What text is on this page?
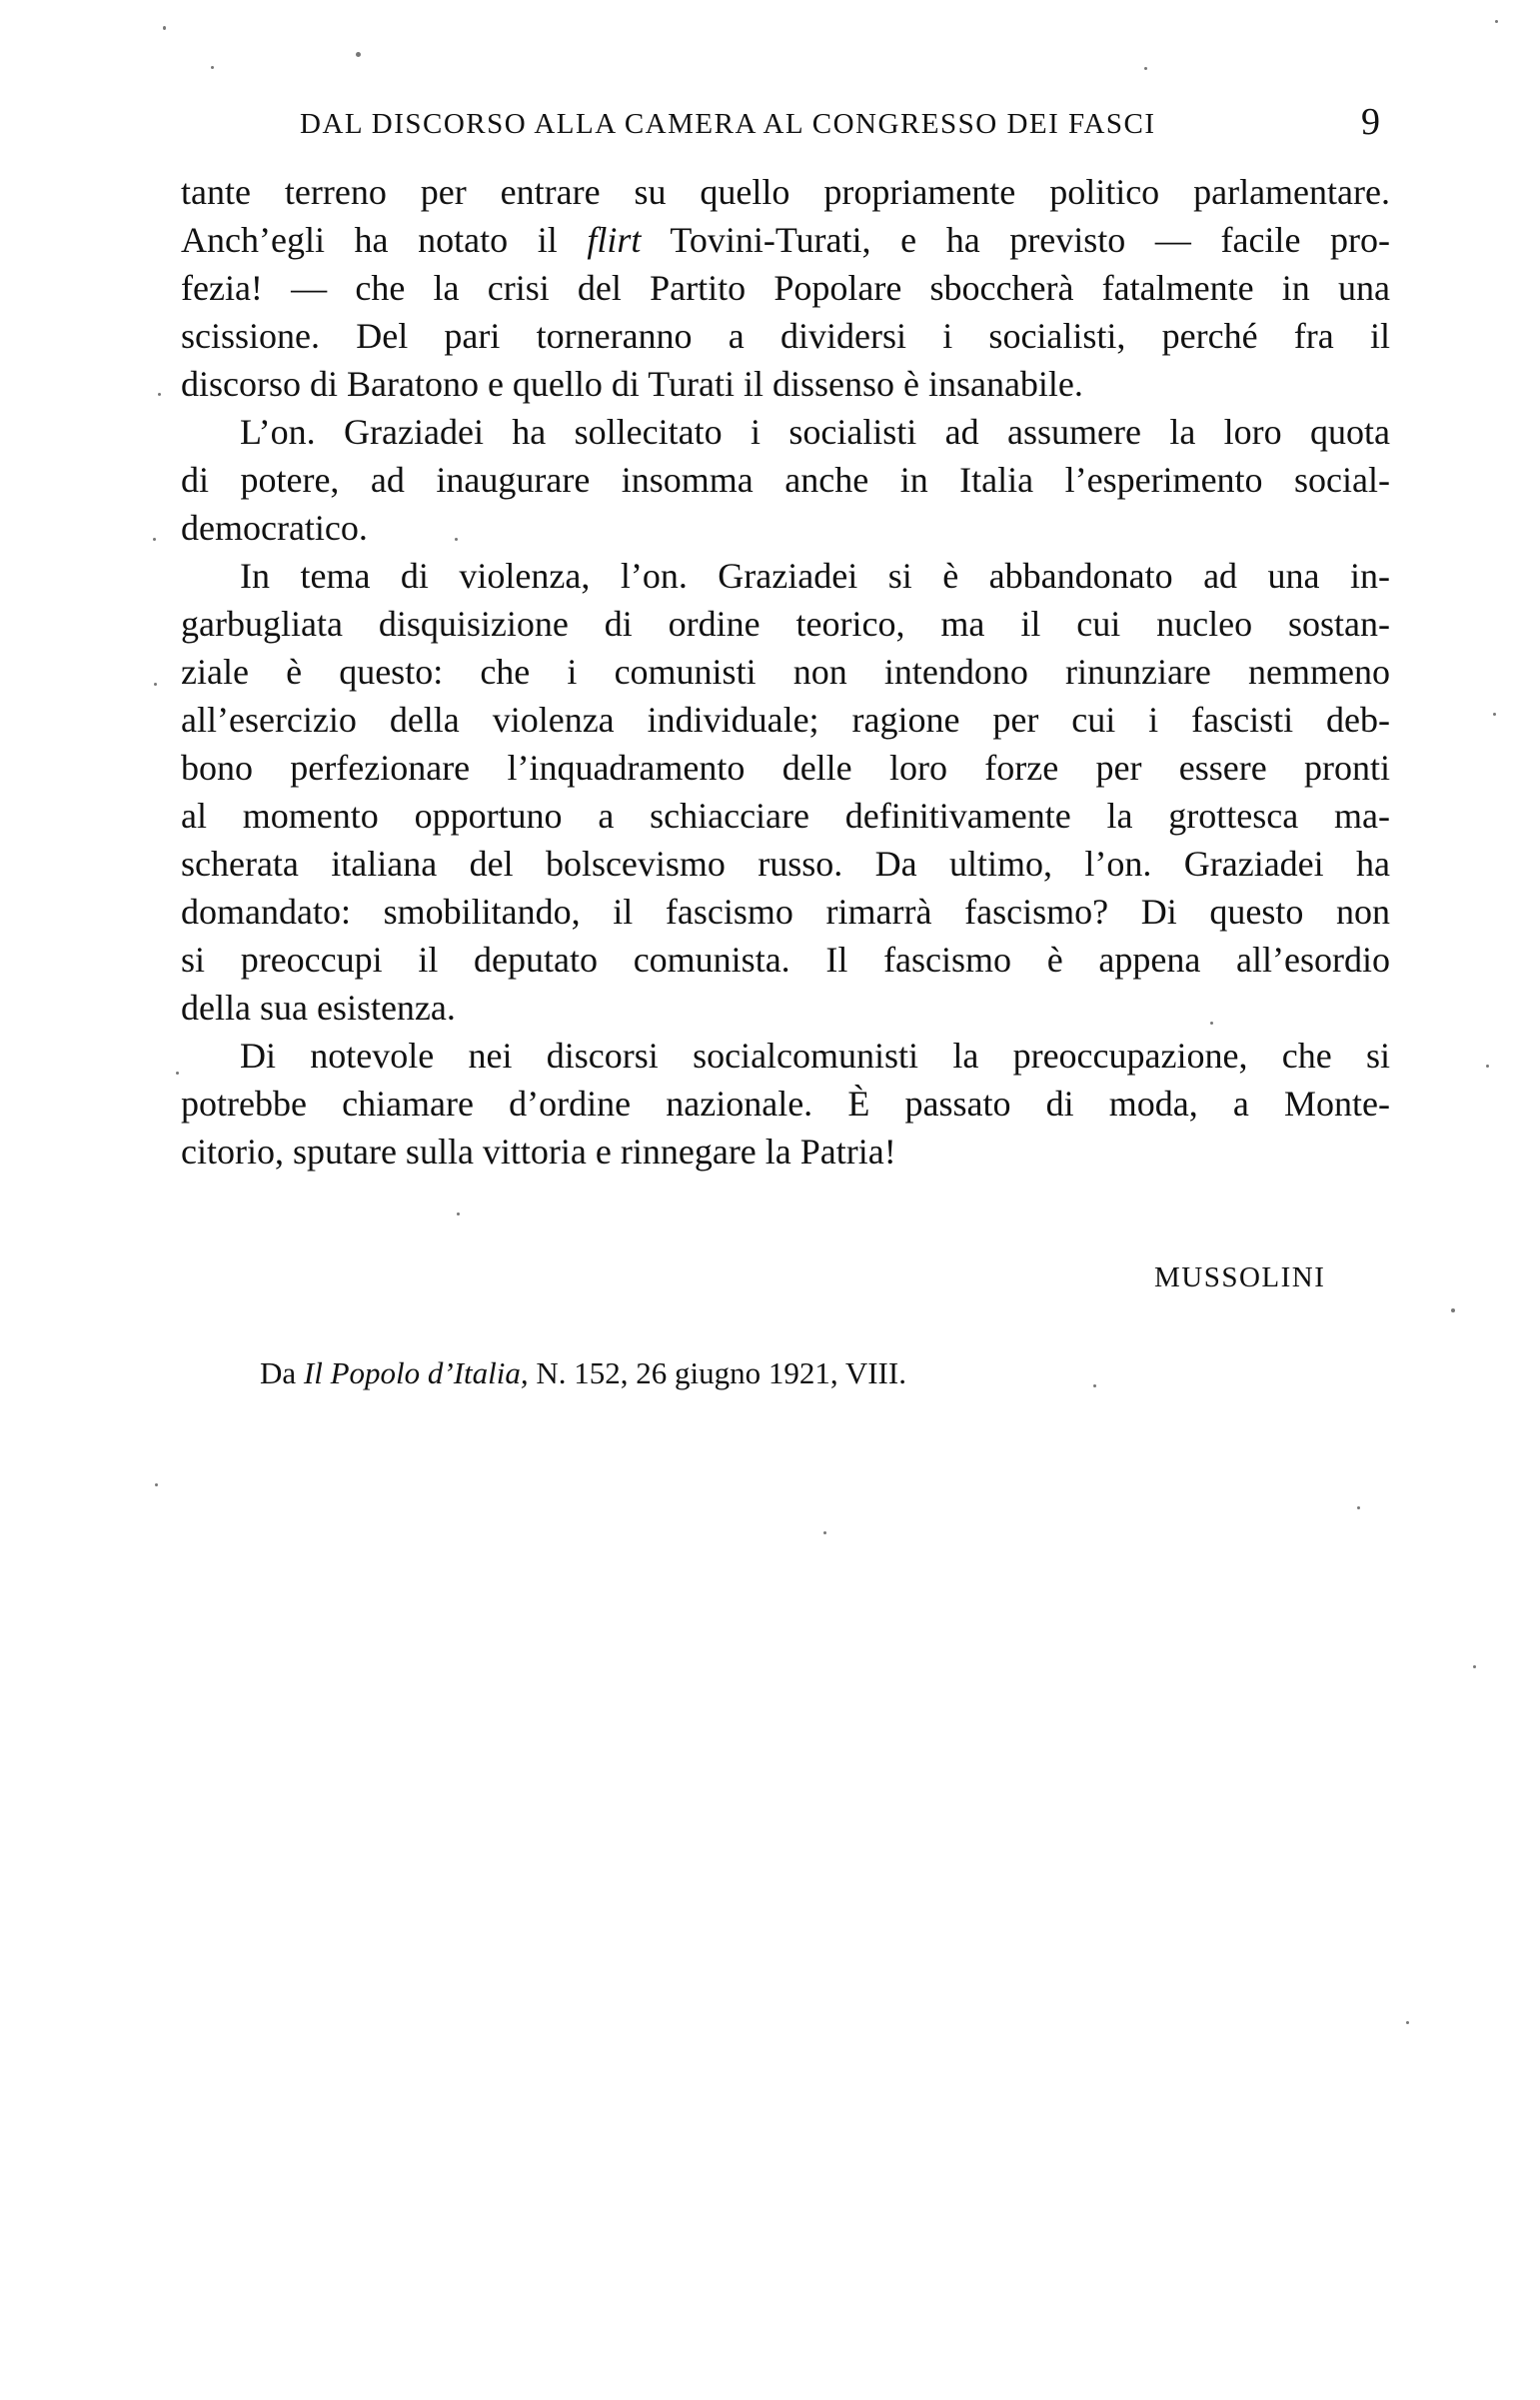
DAL DISCORSO ALLA CAMERA AL CONGRESSO DEI FASCI	9
tante terreno per entrare su quello propriamente politico parlamentare.
Anch’egli ha notato il flirt Tovini-Turati, e ha previsto — facile pro-
fezia! — che la crisi del Partito Popolare sboccherà fatalmente in una
scissione. Del pari torneranno a dividersi i socialisti, perché fra il
discorso di Baratono e quello di Turati il dissenso è insanabile.
L’on. Graziadei ha sollecitato i socialisti ad assumere la loro quota
di potere, ad inaugurare insomma anche in Italia l’esperimento social-
democratico.
In tema di violenza, l’on. Graziadei si è abbandonato ad una in-
garbugliata disquisizione di ordine teorico, ma il cui nucleo sostan-
ziale è questo: che i comunisti non intendono rinunziare nemmeno
all’esercizio della violenza individuale; ragione per cui i fascisti deb-
bono perfezionare l’inquadramento delle loro forze per essere pronti
al momento opportuno a schiacciare definitivamente la grottesca ma-
scherata italiana del bolscevismo russo. Da ultimo, l’on. Graziadei ha
domandato: smobilitando, il fascismo rimarrà fascismo? Di questo non
si preoccupi il deputato comunista. Il fascismo è appena all’esordio
della sua esistenza.
Di notevole nei discorsi socialcomunisti la preoccupazione, che si
potrebbe chiamare d’ordine nazionale. È passato di moda, a Monte-
citorio, sputare sulla vittoria e rinnegare la Patria!
MUSSOLINI
Da Il Popolo d’Italia, N. 152, 26 giugno 1921, VIII.
